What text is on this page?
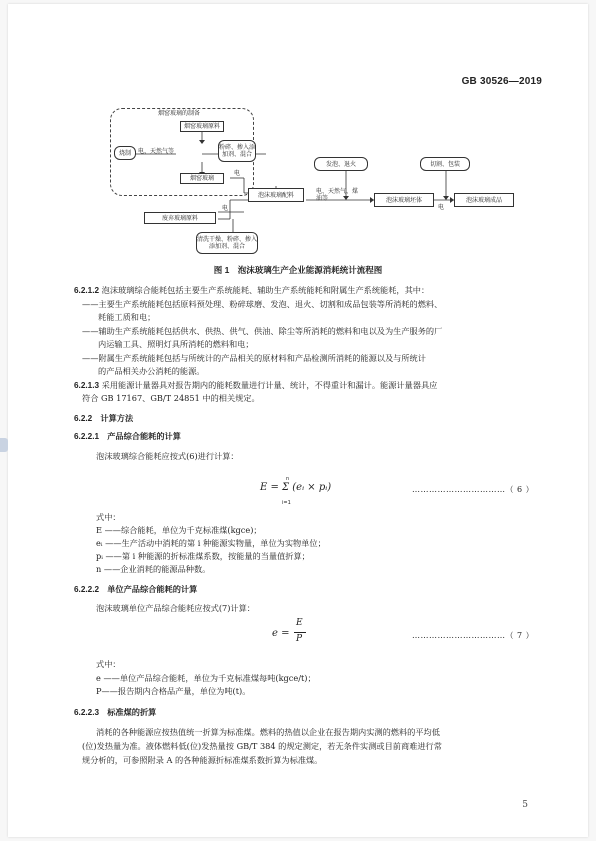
GB 30526—2019
烟窑玻璃的制备
烟窑玻璃原料
烧制	电、天然气等
粉碎、掺入添加剂、混合
烟窑玻璃
泡沫玻璃配料
电
废弃玻璃原料
电
清洗干燥、粉碎、掺入添加剂、混合
发泡、退火
电、天然气、煤油等	泡沫玻璃坯体
切割、包装
电
泡沫玻璃成品
图 1　泡沫玻璃生产企业能源消耗统计流程图
6.2.1.2 泡沫玻璃综合能耗包括主要生产系统能耗、辅助生产系统能耗和附属生产系统能耗，其中：
——主要生产系统能耗包括原料预处理、粉碎球磨、发泡、退火、切割和成品包装等所消耗的燃料、
耗能工质和电；
——辅助生产系统能耗包括供水、供热、供气、供油、除尘等所消耗的燃料和电以及为生产服务的厂
内运输工具、照明灯具所消耗的燃料和电；
——附属生产系统能耗包括与所统计的产品相关的原材料和产品检测所消耗的能源以及与所统计
的产品相关办公消耗的能源。
6.2.1.3 采用能源计量器具对报告期内的能耗数量进行计量、统计，不得重计和漏计。能源计量器具应
符合 GB 17167、GB/T 24851 中的相关规定。
6.2.2　计算方法
6.2.2.1　产品综合能耗的计算
泡沫玻璃综合能耗应按式(6)进行计算：
E = Σ (eᵢ × pᵢ)
n
i=1
……………………………（ 6 ）
式中：
E ——综合能耗，单位为千克标准煤(kgce)；
eᵢ ——生产活动中消耗的第 i 种能源实物量，单位为实物单位；
pᵢ ——第 i 种能源的折标准煤系数，按能量的当量值折算；
n ——企业消耗的能源品种数。
6.2.2.2　单位产品综合能耗的计算
泡沫玻璃单位产品综合能耗应按式(7)计算：
e =
E
P	……………………………（ 7 ）
式中：
e ——单位产品综合能耗，单位为千克标准煤每吨(kgce/t)；
P——报告期内合格品产量，单位为吨(t)。
6.2.2.3　标准煤的折算
消耗的各种能源应按热值统一折算为标准煤。燃料的热值以企业在报告期内实测的燃料的平均低
(位)发热量为准。液体燃料低(位)发热量按 GB/T 384 的规定测定，若无条件实测或目前商难进行常
规分析的，可参照附录 A 的各种能源折标准煤系数折算为标准煤。
5
